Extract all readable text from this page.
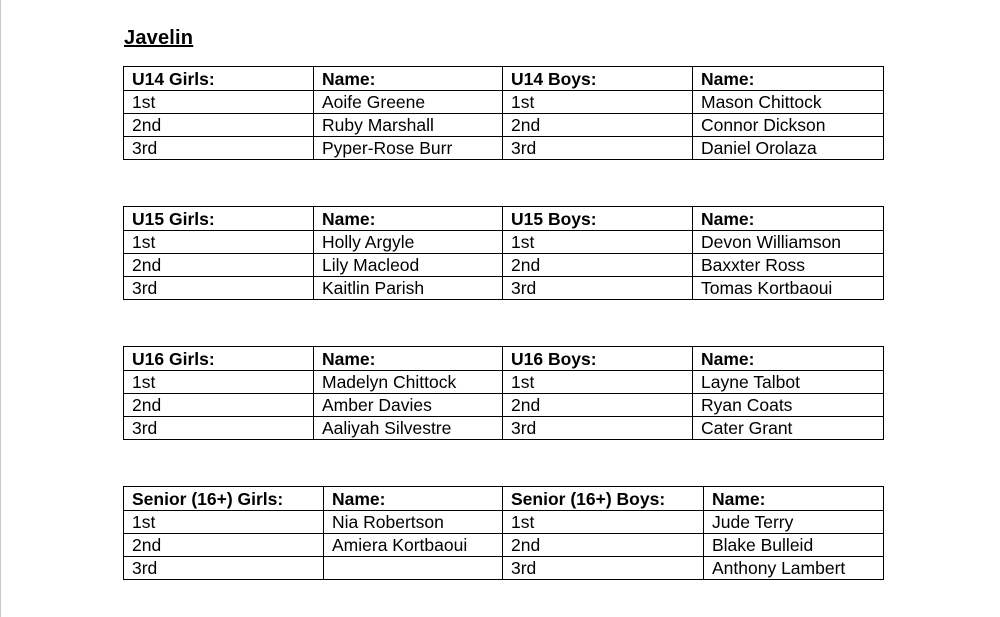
Javelin
U14 Girls:	Name:	U14 Boys:	Name:
1st	Aoife Greene	1st	Mason Chittock
2nd	Ruby Marshall	2nd	Connor Dickson
3rd	Pyper-Rose Burr	3rd	Daniel Orolaza
U15 Girls:	Name:	U15 Boys:	Name:
1st	Holly Argyle	1st	Devon Williamson
2nd	Lily Macleod	2nd	Baxxter Ross
3rd	Kaitlin Parish	3rd	Tomas Kortbaoui
U16 Girls:	Name:	U16 Boys:	Name:
1st	Madelyn Chittock	1st	Layne Talbot
2nd	Amber Davies	2nd	Ryan Coats
3rd	Aaliyah Silvestre	3rd	Cater Grant
Senior (16+) Girls:	Name:	Senior (16+) Boys:	Name:
1st	Nia Robertson	1st	Jude Terry
2nd	Amiera Kortbaoui	2nd	Blake Bulleid
3rd		3rd	Anthony Lambert
